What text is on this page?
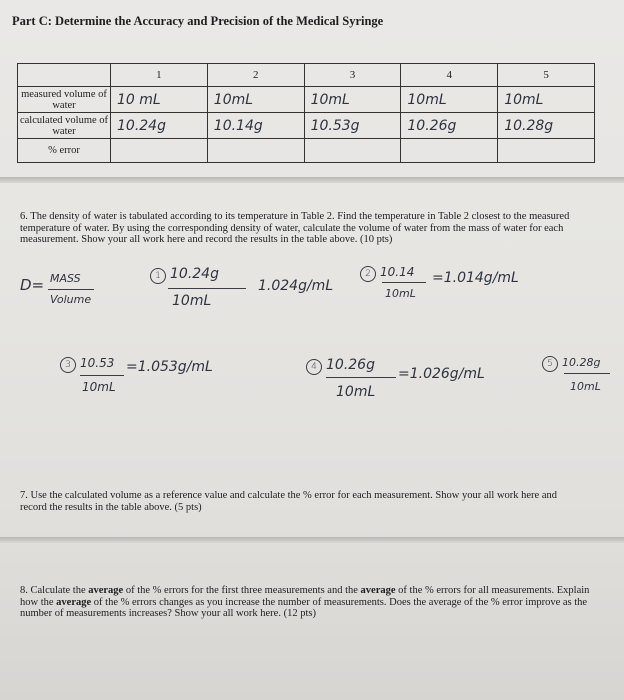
Part C: Determine the Accuracy and Precision of the Medical Syringe
	1	2	3	4	5
measured volume of water	10 mL	10mL	10mL	10mL	10mL
calculated volume of water	10.24g	10.14g	10.53g	10.26g	10.28g
% error					
6. The density of water is tabulated according to its temperature in Table 2. Find the temperature in Table 2 closest to the measured temperature of water. By using the corresponding density of water, calculate the volume of water from the mass of water for each measurement. Show your all work here and record the results in the table above. (10 pts)
D= MASS
Volume
1 10.24g
10mL
1.024g/mL
2 10.14
10mL
=1.014g/mL
3 10.53
10mL
=1.053g/mL	4 10.26g
10mL
=1.026g/mL
5 10.28g
10mL
7. Use the calculated volume as a reference value and calculate the % error for each measurement. Show your all work here and record the results in the table above. (5 pts)
8. Calculate the average of the % errors for the first three measurements and the average of the % errors for all measurements. Explain how the average of the % errors changes as you increase the number of measurements. Does the average of the % error improve as the number of measurements increases? Show your all work here. (12 pts)
